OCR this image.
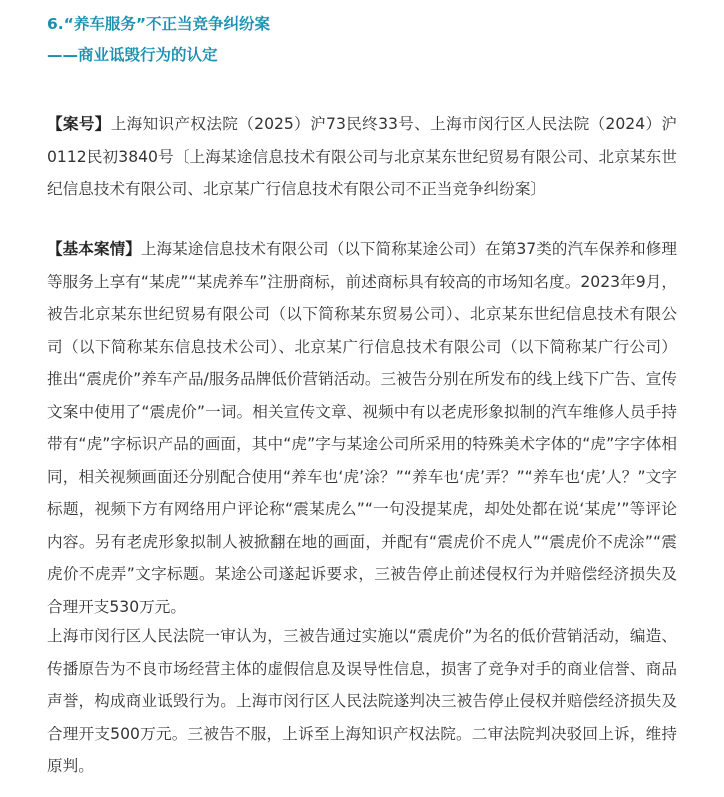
6.“养车服务”不正当竞争纠纷案
——商业诋毁行为的认定

【案号】上海知识产权法院（2025）沪73民终33号、上海市闵行区人民法院（2024）沪0112民初3840号〔上海某途信息技术有限公司与北京某东世纪贸易有限公司、北京某东世纪信息技术有限公司、北京某广行信息技术有限公司不正当竞争纠纷案〕

【基本案情】上海某途信息技术有限公司（以下简称某途公司）在第37类的汽车保养和修理等服务上享有“某虎”“某虎养车”注册商标，前述商标具有较高的市场知名度。2023年9月，被告北京某东世纪贸易有限公司（以下简称某东贸易公司）、北京某东世纪信息技术有限公司（以下简称某东信息技术公司）、北京某广行信息技术有限公司（以下简称某广行公司）推出“震虎价”养车产品/服务品牌低价营销活动。三被告分别在所发布的线上线下广告、宣传文案中使用了“震虎价”一词。相关宣传文章、视频中有以老虎形象拟制的汽车维修人员手持带有“虎”字标识产品的画面，其中“虎”字与某途公司所采用的特殊美术字体的“虎”字字体相同，相关视频画面还分别配合使用“养车也‘虎’涂？”“养车也‘虎’弄？”“养车也‘虎’人？”文字标题，视频下方有网络用户评论称“震某虎么”“一句没提某虎，却处处都在说‘某虎’”等评论内容。另有老虎形象拟制人被掀翻在地的画面，并配有“震虎价不虎人”“震虎价不虎涂”“震虎价不虎弄”文字标题。某途公司遂起诉要求，三被告停止前述侵权行为并赔偿经济损失及合理开支530万元。

上海市闵行区人民法院一审认为，三被告通过实施以“震虎价”为名的低价营销活动，编造、传播原告为不良市场经营主体的虚假信息及误导性信息，损害了竞争对手的商业信誉、商品声誉，构成商业诋毁行为。上海市闵行区人民法院遂判决三被告停止侵权并赔偿经济损失及合理开支500万元。三被告不服，上诉至上海知识产权法院。二审法院判决驳回上诉，维持原判。
